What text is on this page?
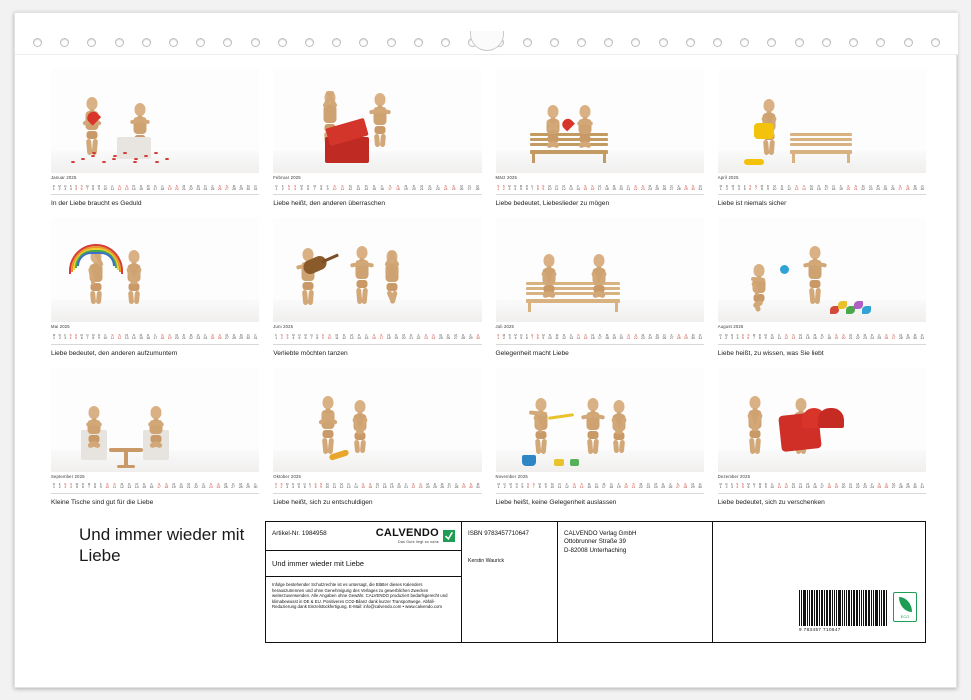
Januar 2025
D
1
M
2
D
3
F
4
S
5
S
6
M
7
D
8
M
9
D
10
F
11
S
12
S
13
M
14
D
15
M
16
D
17
F
18
S
19
S
20
M
21
D
22
M
23
D
24
F
25
S
26
S
27
M
28
D
29
M
30
D
31
In der Liebe braucht es Geduld
Februar 2025
D
1
F
2
S
3
S
4
M
5
D
6
M
7
D
8
F
9
S
10
S
11
M
12
D
13
M
14
D
15
F
16
S
17
S
18
M
19
D
20
M
21
D
22
F
23
S
24
S
25
M
26
D
27
M
28
Liebe heißt, den anderen überraschen
März 2025
S
1
S
2
M
3
D
4
M
5
D
6
F
7
S
8
S
9
M
10
D
11
M
12
D
13
F
14
S
15
S
16
M
17
D
18
M
19
D
20
F
21
S
22
S
23
M
24
D
25
M
26
D
27
F
28
S
29
S
30
M
31
Liebe bedeutet, Liebeslieder zu mögen
April 2025
M
1
D
2
M
3
D
4
F
5
S
6
S
7
M
8
D
9
M
10
D
11
F
12
S
13
S
14
M
15
D
16
M
17
D
18
F
19
S
20
S
21
M
22
D
23
M
24
D
25
F
26
S
27
S
28
M
29
D
30
Liebe ist niemals sicher
Mai 2025
M
1
D
2
F
3
S
4
S
5
M
6
D
7
M
8
D
9
F
10
S
11
S
12
M
13
D
14
M
15
D
16
F
17
S
18
S
19
M
20
D
21
M
22
D
23
F
24
S
25
S
26
M
27
D
28
M
29
D
30
F
31
Liebe bedeutet, den anderen aufzumuntern
Juni 2025
F
1
S
2
S
3
M
4
D
5
M
6
D
7
F
8
S
9
S
10
M
11
D
12
M
13
D
14
F
15
S
16
S
17
M
18
D
19
M
20
D
21
F
22
S
23
S
24
M
25
D
26
M
27
D
28
F
29
S
30
Verliebte möchten tanzen
Juli 2025
S
1
M
2
D
3
M
4
D
5
F
6
S
7
S
8
M
9
D
10
M
11
D
12
F
13
S
14
S
15
M
16
D
17
M
18
D
19
F
20
S
21
S
22
M
23
D
24
M
25
D
26
F
27
S
28
S
29
M
30
D
31
Gelegenheit macht Liebe
August 2025
D
1
M
2
D
3
F
4
S
5
S
6
M
7
D
8
M
9
D
10
F
11
S
12
S
13
M
14
D
15
M
16
D
17
F
18
S
19
S
20
M
21
D
22
M
23
D
24
F
25
S
26
S
27
M
28
D
29
M
30
D
31
Liebe heißt, zu wissen, was Sie liebt
September 2025
D
1
F
2
S
3
S
4
M
5
D
6
M
7
D
8
F
9
S
10
S
11
M
12
D
13
M
14
D
15
F
16
S
17
S
18
M
19
D
20
M
21
D
22
F
23
S
24
S
25
M
26
D
27
M
28
D
29
F
30
Kleine Tische sind gut für die Liebe
Oktober 2025
S
1
S
2
M
3
D
4
M
5
D
6
F
7
S
8
S
9
M
10
D
11
M
12
D
13
F
14
S
15
S
16
M
17
D
18
M
19
D
20
F
21
S
22
S
23
M
24
D
25
M
26
D
27
F
28
S
29
S
30
M
31
Liebe heißt, sich zu entschuldigen
November 2025
M
1
D
2
M
3
D
4
F
5
S
6
S
7
M
8
D
9
M
10
D
11
F
12
S
13
S
14
M
15
D
16
M
17
D
18
F
19
S
20
S
21
M
22
D
23
M
24
D
25
F
26
S
27
S
28
M
29
D
30
Liebe heißt, keine Gelegenheit auslassen
Dezember 2025
M
1
D
2
F
3
S
4
S
5
M
6
D
7
M
8
D
9
F
10
S
11
S
12
M
13
D
14
M
15
D
16
F
17
S
18
S
19
M
20
D
21
M
22
D
23
F
24
S
25
S
26
M
27
D
28
M
29
D
30
F
31
Liebe bedeutet, sich zu verschenken
Und immer wieder mit Liebe
Artikel-Nr. 1984958	CALVENDO
Das Gute liegt so nahe
Und immer wieder mit Liebe
Infolge bestehender Schutzrechte ist es untersagt, die Blätter dieses Kalenders herauszutrennen und ohne Genehmigung des Verlages zu gewerblichen Zwecken weiterzuverwenden. Alle Angaben ohne Gewähr. CALVENDO produziert bedarfsgerecht und klimabewusst in DE & EU. Positiveres CO2-Bilanz dank kurzer Transportwege. Abfall-Reduzierung dank Einzelstückfertigung. E-Mail: info@calvendo.com • www.calvendo.com
ISBN 9783457710647
Kerstin Waurick
CALVENDO Verlag GmbH
Ottobrunner Straße 39
D-82008 Unterhaching
9 783457 710647
ECO
